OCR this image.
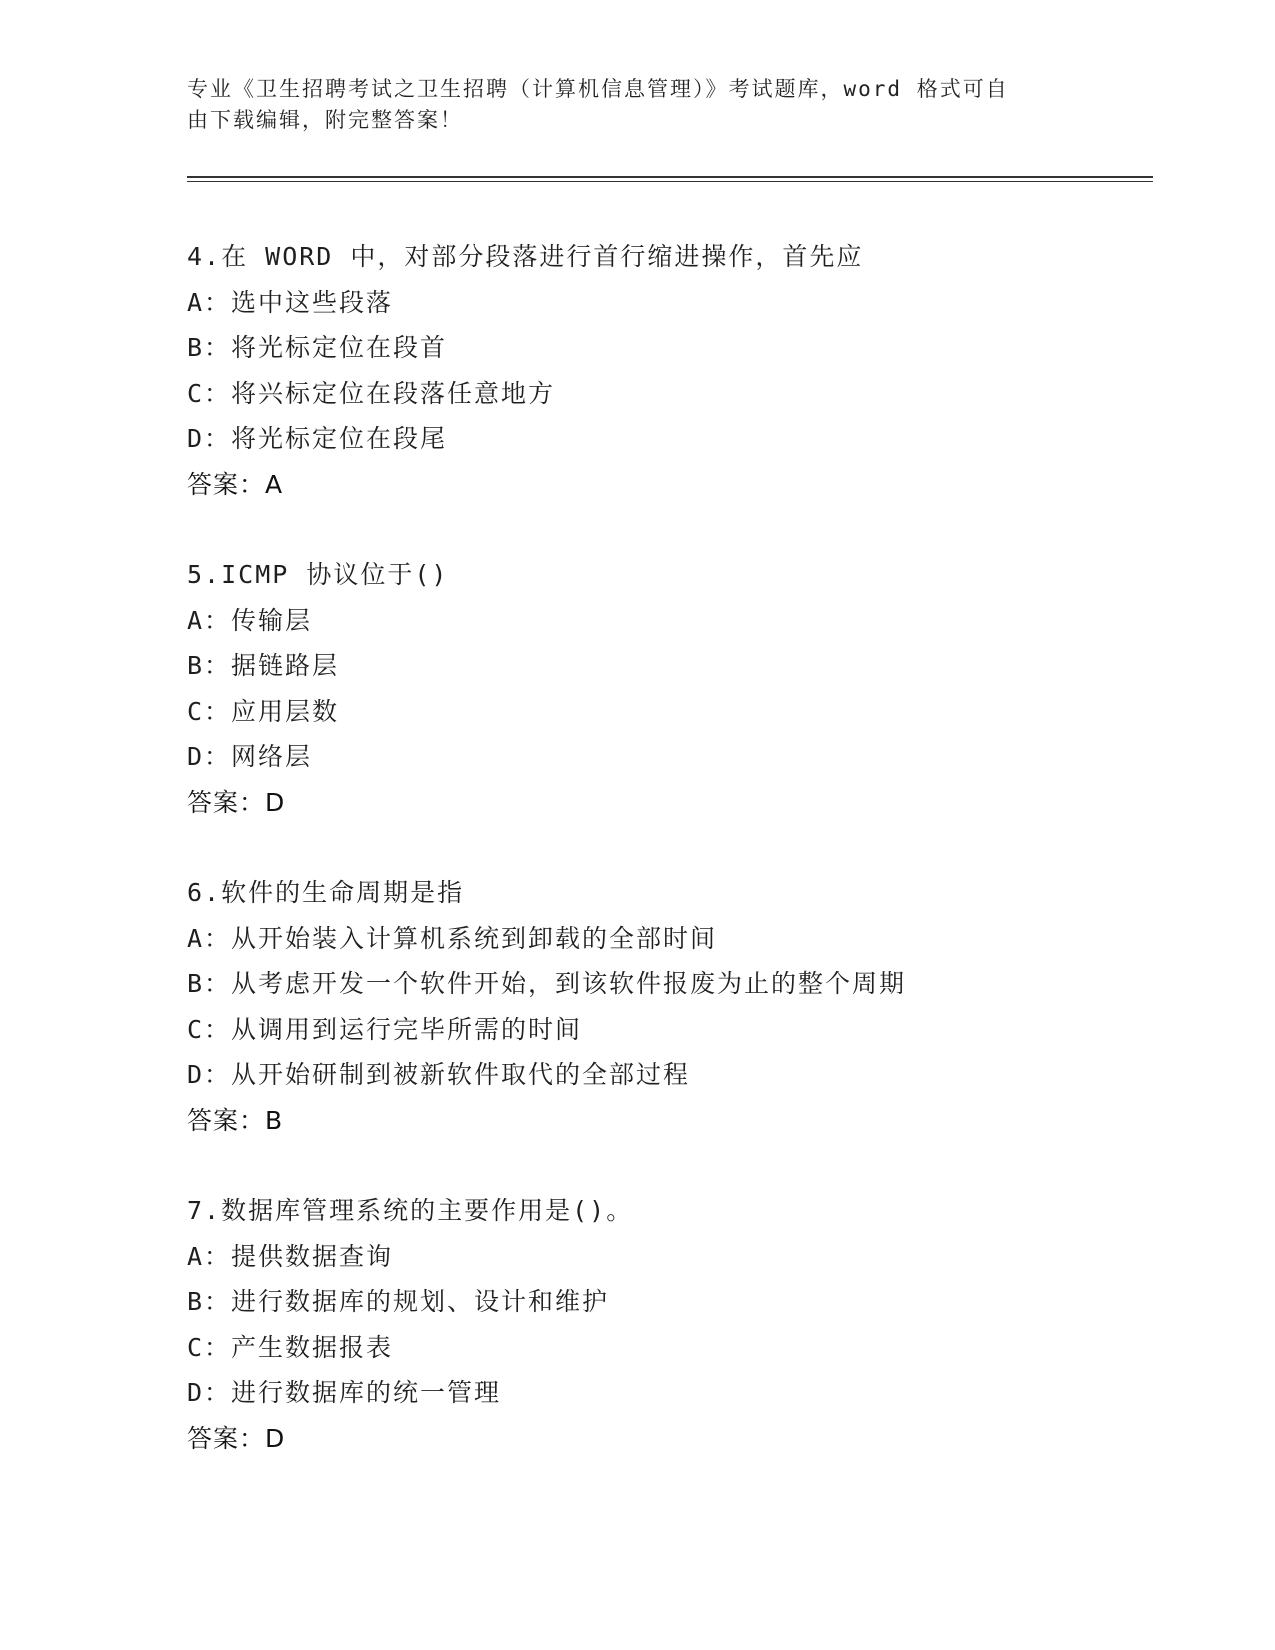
专业《卫生招聘考试之卫生招聘（计算机信息管理）》考试题库，word 格式可自
由下载编辑，附完整答案！
4.在 WORD 中，对部分段落进行首行缩进操作，首先应
A：选中这些段落
B：将光标定位在段首
C：将兴标定位在段落任意地方
D：将光标定位在段尾
答案：A
5.ICMP 协议位于()
A：传输层
B：据链路层
C：应用层数
D：网络层
答案：D
6.软件的生命周期是指
A：从开始装入计算机系统到卸载的全部时间
B：从考虑开发一个软件开始，到该软件报废为止的整个周期
C：从调用到运行完毕所需的时间
D：从开始研制到被新软件取代的全部过程
答案：B
7.数据库管理系统的主要作用是()。
A：提供数据查询
B：进行数据库的规划、设计和维护
C：产生数据报表
D：进行数据库的统一管理
答案：D
